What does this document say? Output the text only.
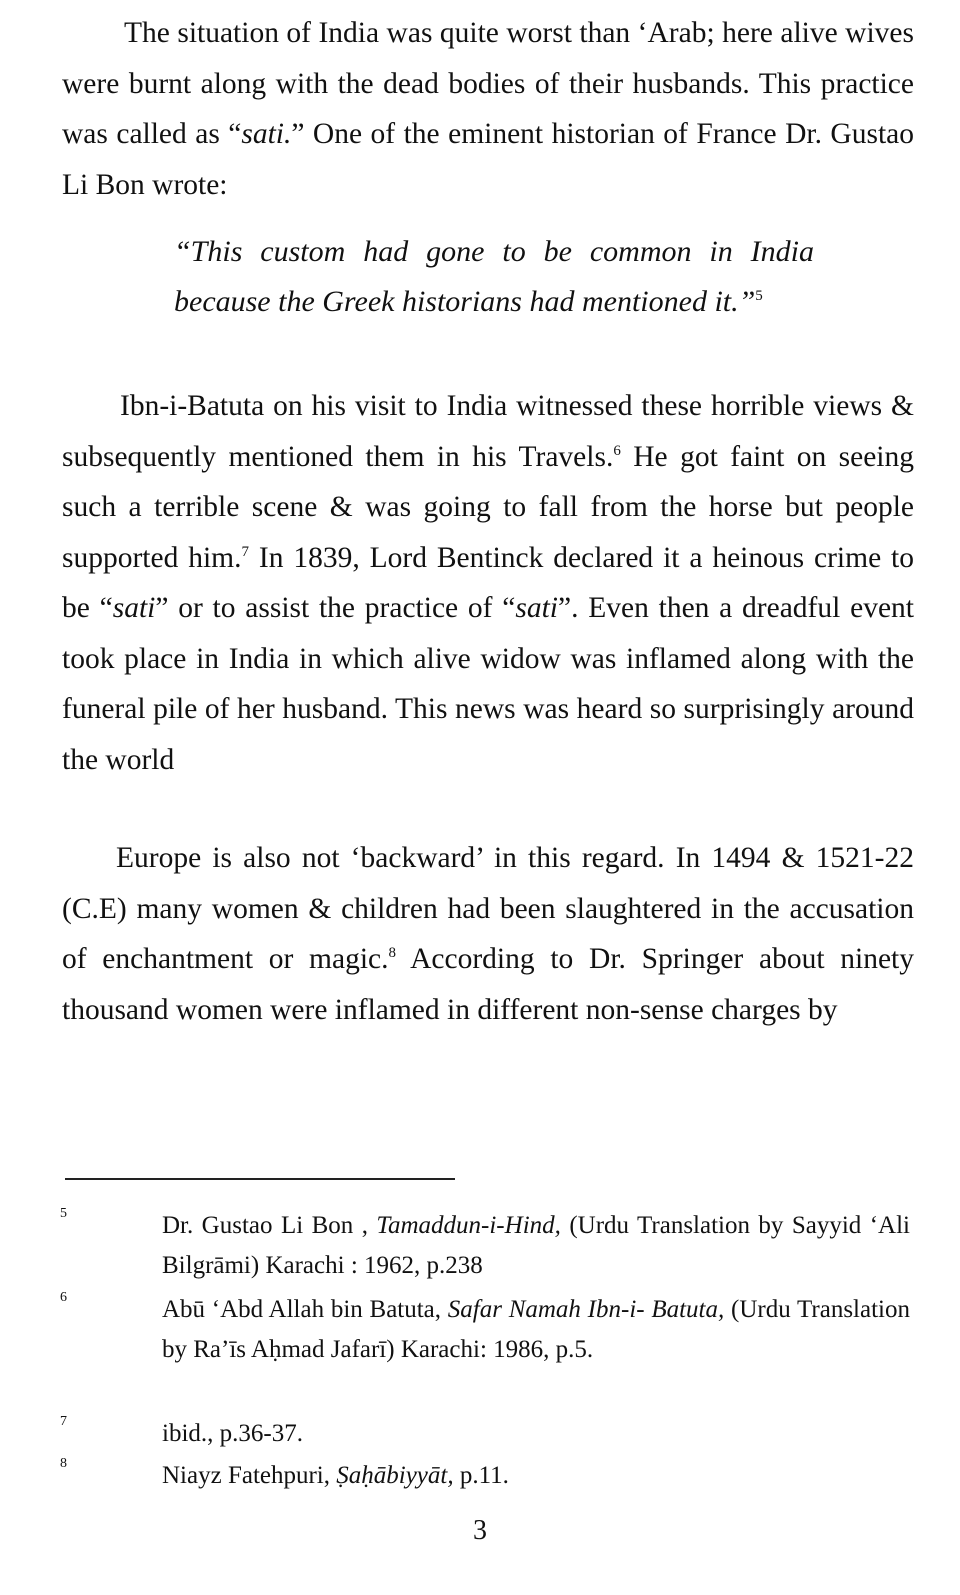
The situation of India was quite worst than ‘Arab; here alive wives were burnt along with the dead bodies of their husbands. This practice was called as “sati.” One of the eminent historian of France Dr. Gustao Li Bon wrote:

“This custom had gone to be common in India because the Greek historians had mentioned it.”$^5$

Ibn-i-Batuta on his visit to India witnessed these horrible views & subsequently mentioned them in his Travels.$^6$ He got faint on seeing such a terrible scene & was going to fall from the horse but people supported him.$^7$ In 1839, Lord Bentinck declared it a heinous crime to be “sati” or to assist the practice of “sati”. Even then a dreadful event took place in India in which alive widow was inflamed along with the funeral pile of her husband. This news was heard so surprisingly around the world

Europe is also not ‘backward’ in this regard. In 1494 & 1521-22 (C.E) many women & children had been slaughtered in the accusation of enchantment or magic.$^8$ According to Dr. Springer about ninety thousand women were inflamed in different non-sense charges by

5	Dr. Gustao Li Bon , Tamaddun-i-Hind, (Urdu Translation by Sayyid ‘Ali Bilgrāmi) Karachi : 1962, p.238

6	Abū ‘Abd Allah bin Batuta, Safar Namah Ibn-i- Batuta, (Urdu Translation by Ra’īs Aḥmad Jafarī) Karachi: 1986, p.5.

7	ibid., p.36-37.

8	Niayz Fatehpuri, Ṣaḥābiyyāt, p.11.

3
